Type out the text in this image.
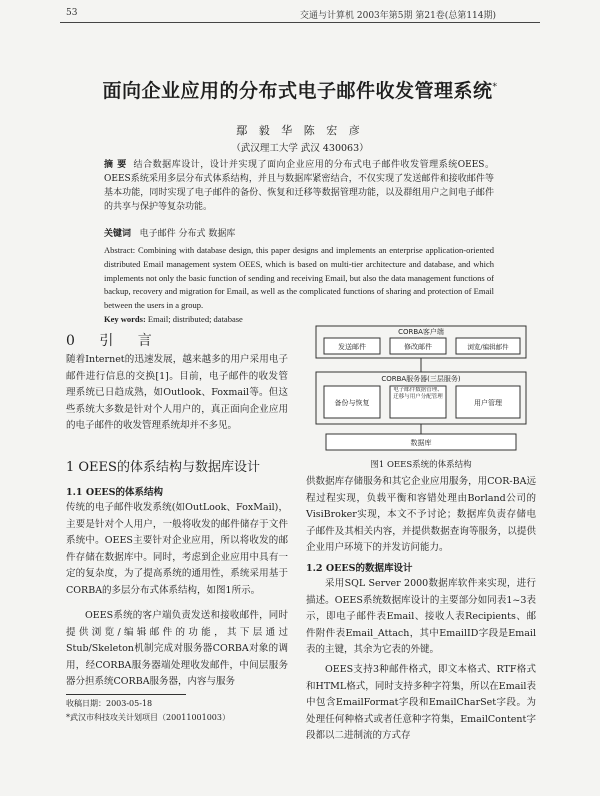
53	交通与计算机 2003年第5期 第21卷(总第114期)
面向企业应用的分布式电子邮件收发管理系统*
鄢 毅 华 陈 宏 彦
（武汉理工大学 武汉 430063）
摘 要 结合数据库设计，设计并实现了面向企业应用的分布式电子邮件收发管理系统OEES。OEES系统采用多层分布式体系结构，并且与数据库紧密结合，不仅实现了发送邮件和接收邮件等基本功能，同时实现了电子邮件的备份、恢复和迁移等数据管理功能，以及群组用户之间电子邮件的共享与保护等复杂功能。
关键词 电子邮件 分布式 数据库
Abstract: Combining with database design, this paper designs and implements an enterprise application-oriented distributed Email management system OEES, which is based on multi-tier architecture and database, and which implements not only the basic function of sending and receiving Email, but also the data management functions of backup, recovery and migration for Email, as well as the complicated functions of sharing and protection of Email between the users in a group.
Key words: Email; distributed; database
0 引 言
随着Internet的迅速发展，越来越多的用户采用电子邮件进行信息的交换[1]。目前，电子邮件的收发管理系统已日趋成熟，如Outlook、Foxmail等。但这些系统大多数是针对个人用户的，真正面向企业应用的电子邮件的收发管理系统却并不多见。
1 OEES的体系结构与数据库设计
1.1 OEES的体系结构
传统的电子邮件收发系统(如OutLook、FoxMail)，主要是针对个人用户，一般将收发的邮件储存于文件系统中。OEES主要针对企业应用，所以将收发的邮件存储在数据库中。同时，考虑到企业应用中具有一定的复杂度，为了提高系统的通用性，系统采用基于CORBA的多层分布式体系结构，如图1所示。
OEES系统的客户端负责发送和接收邮件，同时提供浏览/编辑邮件的功能，其下层通过Stub/Skeleton机制完成对服务器CORBA对象的调用，经CORBA服务器端处理收发邮件，中间层服务器分担系统CORBA服务器，内容与服务
CORBA客户端
发送邮件	修改邮件	浏览/编辑邮件
CORBA服务器(三层服务)
备份与恢复
电子邮件数据管理、迁移与用户分配管理
用户管理
数据库
图1 OEES系统的体系结构
供数据库存储服务和其它企业应用服务，用COR-BA远程过程实现，负载平衡和容错处理由Borland公司的VisiBroker实现，本文不予讨论；数据库负责存储电子邮件及其相关内容，并提供数据查询等服务，以提供企业用户环境下的并发访问能力。
1.2 OEES的数据库设计
采用SQL Server 2000数据库软件来实现，进行描述。OEES系统数据库设计的主要部分如同表1~3表示，即电子邮件表Email、接收人表Recipients、邮件附件表Email_Attach，其中EmailID字段是Email表的主键，其余为它表的外键。
OEES支持3种邮件格式，即文本格式、RTF格式和HTML格式，同时支持多种字符集，所以在Email表中包含EmailFormat字段和EmailCharSet字段。为处理任何种格式或者任意种字符集，EmailContent字段都以二进制流的方式存
收稿日期：2003-05-18
*武汉市科技攻关计划项目（20011001003）
